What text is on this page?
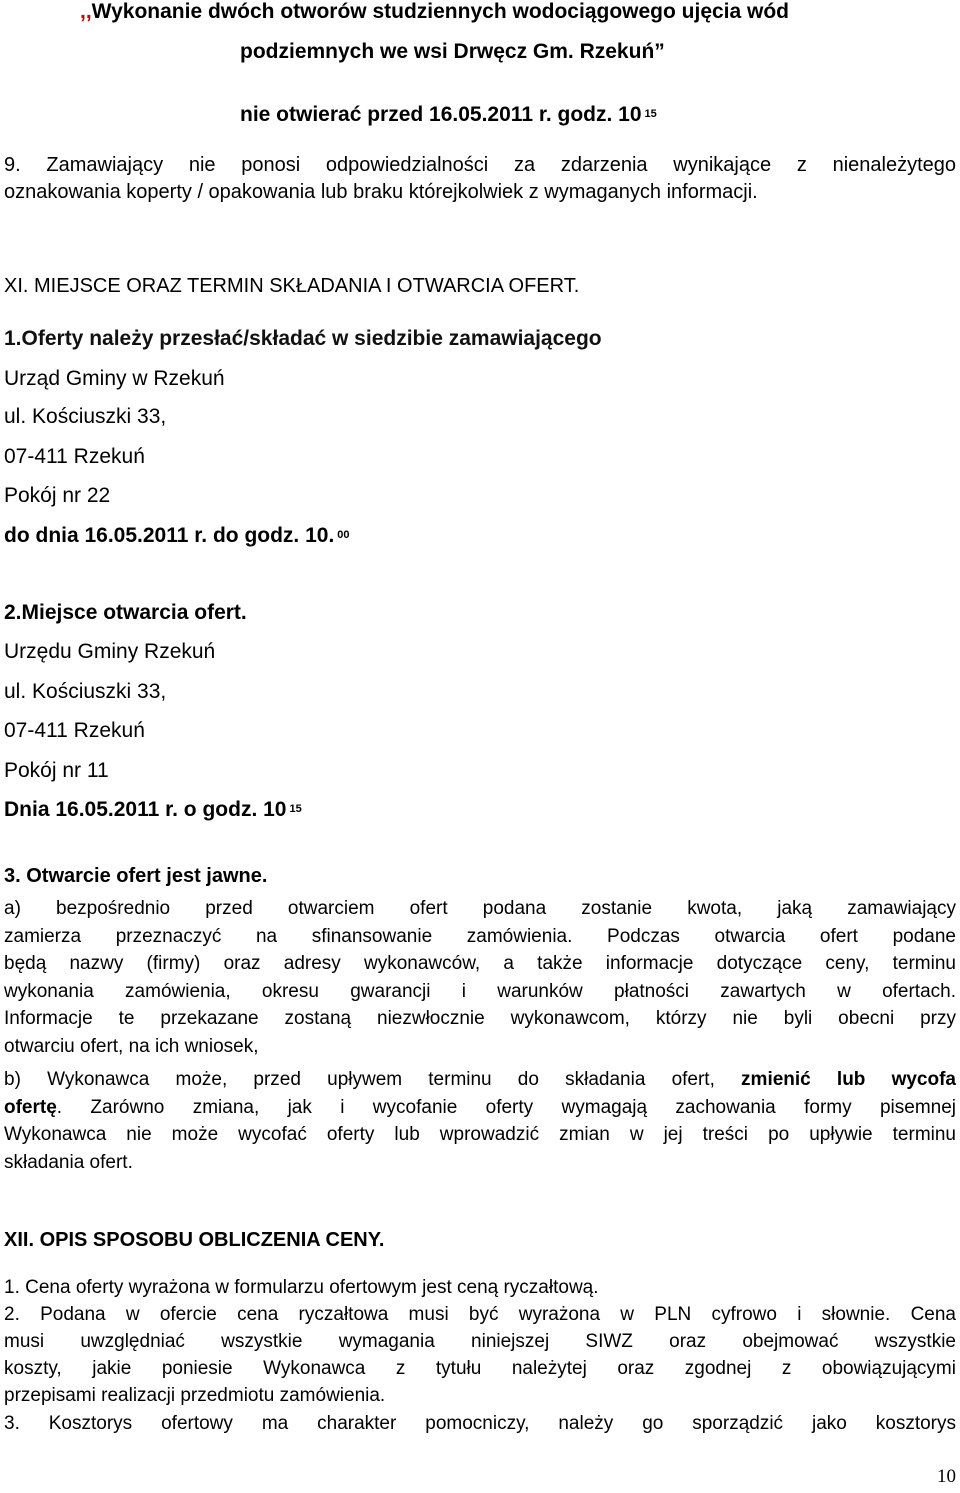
,,Wykonanie dwóch otworów studziennych wodociągowego ujęcia wód
podziemnych we wsi Drwęcz Gm. Rzekuń”
nie otwierać przed 16.05.2011 r. godz. 10 $^{15}$
9. Zamawiający nie ponosi odpowiedzialności za zdarzenia wynikające z nienależytego
oznakowania koperty / opakowania lub braku którejkolwiek z wymaganych informacji.
XI. MIEJSCE ORAZ TERMIN SKŁADANIA I OTWARCIA OFERT.
1.Oferty należy przesłać/składać w siedzibie zamawiającego
Urząd Gminy w Rzekuń
ul. Kościuszki 33,
07-411 Rzekuń
Pokój nr 22
do dnia 16.05.2011 r. do godz. 10. $^{00}$
2.Miejsce otwarcia ofert.
Urzędu Gminy Rzekuń
ul. Kościuszki 33,
07-411 Rzekuń
Pokój nr 11
Dnia 16.05.2011 r. o godz. 10 $^{15}$
3. Otwarcie ofert jest jawne.
a) bezpośrednio przed otwarciem ofert podana zostanie kwota, jaką zamawiający
zamierza przeznaczyć na sfinansowanie zamówienia. Podczas otwarcia ofert podane
będą nazwy (firmy) oraz adresy wykonawców, a także informacje dotyczące ceny, terminu
wykonania zamówienia, okresu gwarancji i warunków płatności zawartych w ofertach.
Informacje te przekazane zostaną niezwłocznie wykonawcom, którzy nie byli obecni przy
otwarciu ofert, na ich wniosek,
b) Wykonawca może, przed upływem terminu do składania ofert, zmienić lub wycofa
ofertę. Zarówno zmiana, jak i wycofanie oferty wymagają zachowania formy pisemnej
Wykonawca nie może wycofać oferty lub wprowadzić zmian w jej treści po upływie terminu
składania ofert.
XII. OPIS SPOSOBU OBLICZENIA CENY.
1. Cena oferty wyrażona w formularzu ofertowym jest ceną ryczałtową.
2. Podana w ofercie cena ryczałtowa musi być wyrażona w PLN cyfrowo i słownie. Cena
musi uwzględniać wszystkie wymagania niniejszej SIWZ oraz obejmować wszystkie
koszty, jakie poniesie Wykonawca z tytułu należytej oraz zgodnej z obowiązującymi
przepisami realizacji przedmiotu zamówienia.
3. Kosztorys ofertowy ma charakter pomocniczy, należy go sporządzić jako kosztorys
10
